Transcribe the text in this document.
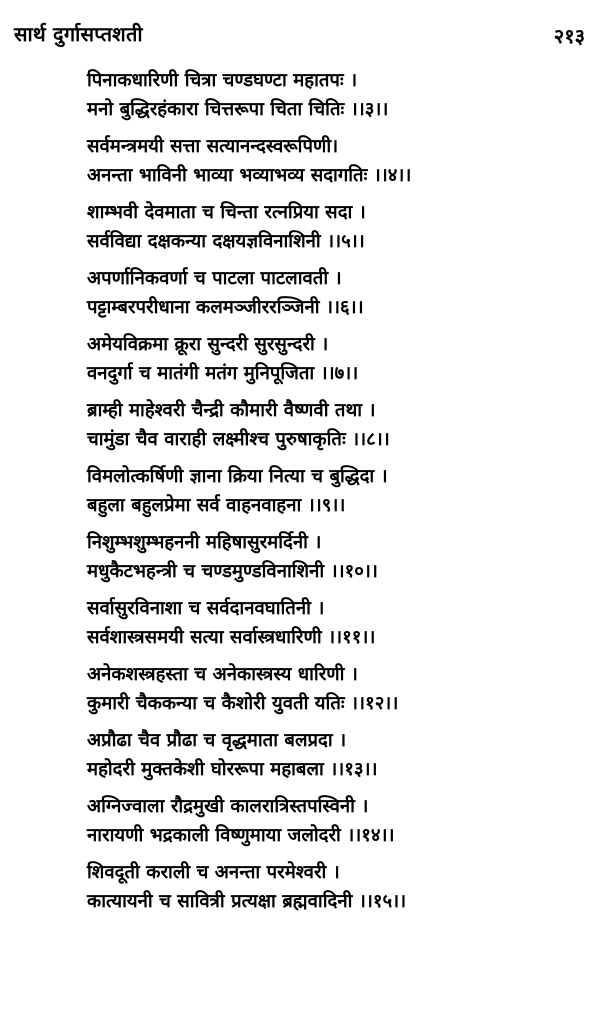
सार्थ दुर्गासप्तशती	२१३
पिनाकधारिणी चित्रा चण्डघण्टा महातपः ।
मनो बुद्धिरहंकारा चित्तरूपा चिता चितिः ।।३।।
सर्वमन्त्रमयी सत्ता सत्यानन्दस्वरूपिणी।
अनन्ता भाविनी भाव्या भव्याभव्य सदागतिः ।।४।।
शाम्भवी देवमाता च चिन्ता रत्नप्रिया सदा ।
सर्वविद्या दक्षकन्या दक्षयज्ञविनाशिनी ।।५।।
अपर्णानिकवर्णा च पाटला पाटलावती ।
पट्टाम्बरपरीधाना कलमञ्जीररञ्जिनी ।।६।।
अमेयविक्रमा क्रूरा सुन्दरी सुरसुन्दरी ।
वनदुर्गा च मातंगी मतंग मुनिपूजिता ।।७।।
ब्राम्ही माहेश्वरी चैन्द्री कौमारी वैष्णवी तथा ।
चामुंडा चैव वाराही लक्ष्मीश्च पुरुषाकृतिः ।।८।।
विमलोत्कर्षिणी ज्ञाना क्रिया नित्या च बुद्धिदा ।
बहुला बहुलप्रेमा सर्व वाहनवाहना ।।९।।
निशुम्भशुम्भहननी महिषासुरमर्दिनी ।
मधुकैटभहन्त्री च चण्डमुण्डविनाशिनी ।।१०।।
सर्वासुरविनाशा च सर्वदानवघातिनी ।
सर्वशास्त्रसमयी सत्या सर्वास्त्रधारिणी ।।११।।
अनेकशस्त्रहस्ता च अनेकास्त्रस्य धारिणी ।
कुमारी चैककन्या च कैशोरी युवती यतिः ।।१२।।
अप्रौढा चैव प्रौढा च वृद्धमाता बलप्रदा ।
महोदरी मुक्तकेशी घोररूपा महाबला ।।१३।।
अग्निज्वाला रौद्रमुखी कालरात्रिस्तपस्विनी ।
नारायणी भद्रकाली विष्णुमाया जलोदरी ।।१४।।
शिवदूती कराली च अनन्ता परमेश्वरी ।
कात्यायनी च सावित्री प्रत्यक्षा ब्रह्मवादिनी ।।१५।।
